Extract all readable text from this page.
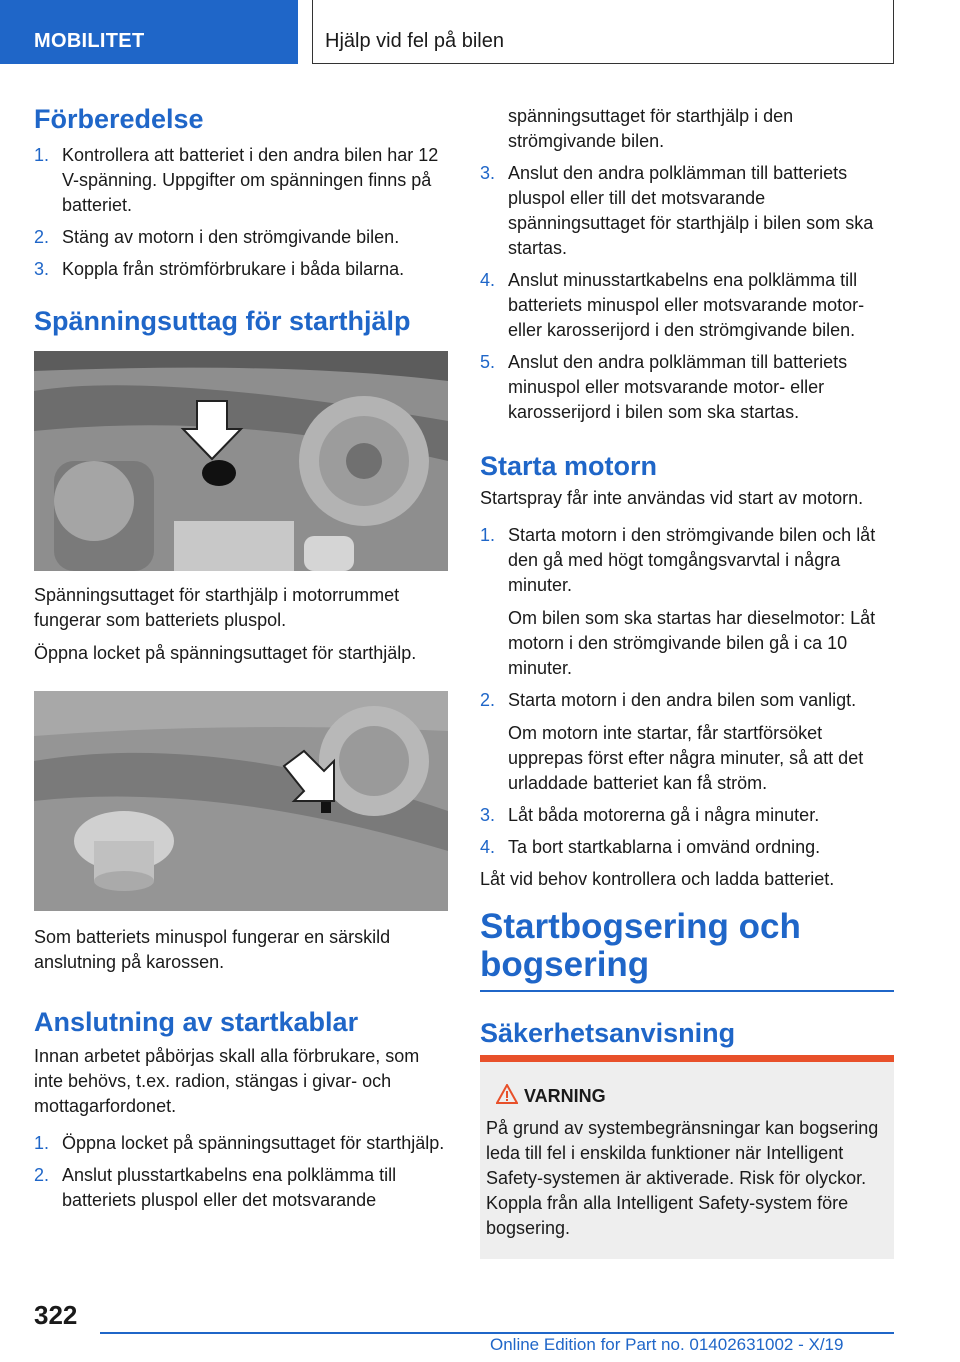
MOBILITET	Hjälp vid fel på bilen
Förberedelse
1. Kontrollera att batteriet i den andra bilen har 12 V-spänning. Uppgifter om spänningen finns på batteriet.
2. Stäng av motorn i den strömgivande bilen.
3. Koppla från strömförbrukare i båda bilarna.
Spänningsuttag för starthjälp

Spänningsuttaget för starthjälp i motorrummet fungerar som batteriets pluspol.

Öppna locket på spänningsuttaget för starthjälp.

Som batteriets minuspol fungerar en särskild anslutning på karossen.

Anslutning av startkablar

Innan arbetet påbörjas skall alla förbrukare, som inte behövs, t.ex. radion, stängas i givar- och mottagarfordonet.

1. Öppna locket på spänningsuttaget för starthjälp.
2. Anslut plusstartkabelns ena polklämma till batteriets pluspol eller det motsvarande

spänningsuttaget för starthjälp i den strömgivande bilen.

3. Anslut den andra polklämman till batteriets pluspol eller till det motsvarande spänningsuttaget för starthjälp i bilen som ska startas.
4. Anslut minusstartkabelns ena polklämma till batteriets minuspol eller motsvarande motor- eller karosserijord i den strömgivande bilen.
5. Anslut den andra polklämman till batteriets minuspol eller motsvarande motor- eller karosserijord i bilen som ska startas.
Starta motorn

Startspray får inte användas vid start av motorn.

1. Starta motorn i den strömgivande bilen och låt den gå med högt tomgångsvarvtal i några minuter.

Om bilen som ska startas har dieselmotor: Låt motorn i den strömgivande bilen gå i ca 10 minuter.

2. Starta motorn i den andra bilen som vanligt.

Om motorn inte startar, får startförsöket upprepas först efter några minuter, så att det urladdade batteriet kan få ström.

3. Låt båda motorerna gå i några minuter.
4. Ta bort startkablarna i omvänd ordning.

Låt vid behov kontrollera och ladda batteriet.

Startbogsering och
bogsering
Säkerhetsanvisning
VARNING

På grund av systembegränsningar kan bogsering leda till fel i enskilda funktioner när Intelligent Safety-systemen är aktiverade. Risk för olyckor. Koppla från alla Intelligent Safety-system före bogsering.

322
Online Edition for Part no. 01402631002 - X/19
